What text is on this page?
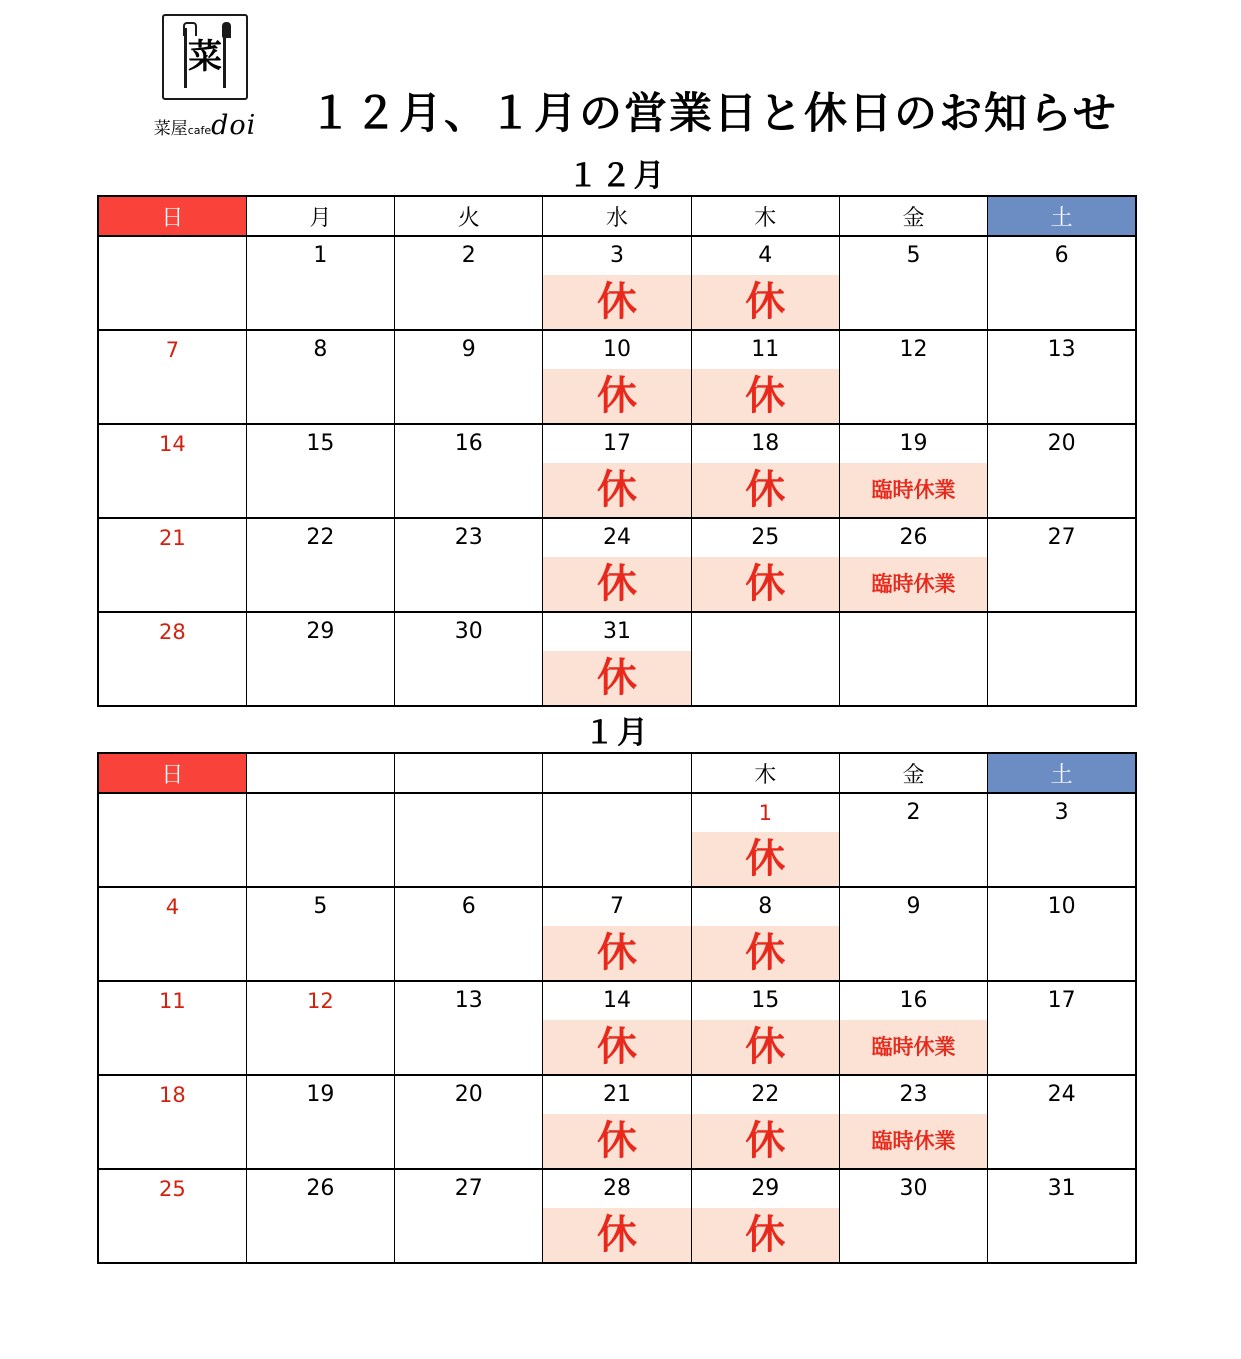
菜
菜屋cafedoi １２月、１月の営業日と休日のお知らせ
１２月
日	月	火	水	木	金	土
	1	2	3	4	5	6
			休	休		
7	8	9	10	11	12	13
			休	休		
14	15	16	17	18	19	20
			休	休	臨時休業	
21	22	23	24	25	26	27
			休	休	臨時休業	
28	29	30	31			
			休			
１月
日				木	金	土
				1	2	3
				休		
4	5	6	7	8	9	10
			休	休		
11	12	13	14	15	16	17
			休	休	臨時休業	
18	19	20	21	22	23	24
			休	休	臨時休業	
25	26	27	28	29	30	31
			休	休		
